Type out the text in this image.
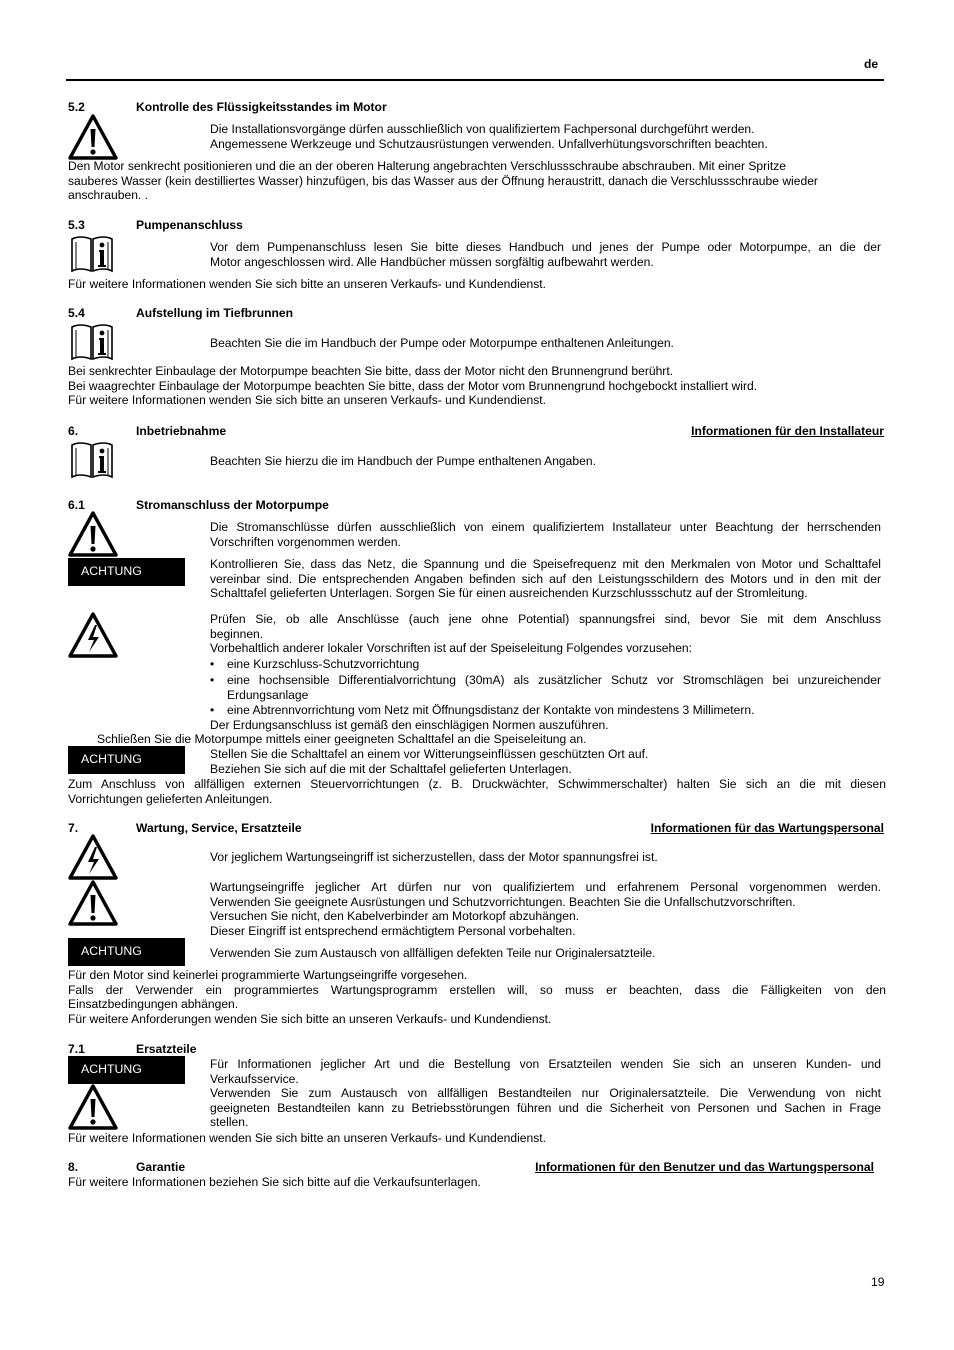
de
5.2	Kontrolle des Flüssigkeitsstandes im Motor
Die Installationsvorgänge dürfen ausschließlich von qualifiziertem Fachpersonal durchgeführt werden.
Angemessene Werkzeuge und Schutzausrüstungen verwenden. Unfallverhütungsvorschriften beachten.
Den Motor senkrecht positionieren und die an der oberen Halterung angebrachten Verschlussschraube abschrauben. Mit einer Spritze
sauberes Wasser (kein destilliertes Wasser) hinzufügen, bis das Wasser aus der Öffnung heraustritt, danach die Verschlussschraube wieder
anschrauben. .
5.3	Pumpenanschluss
Vor dem Pumpenanschluss lesen Sie bitte dieses Handbuch und jenes der Pumpe oder Motorpumpe, an die der
Motor angeschlossen wird. Alle Handbücher müssen sorgfältig aufbewahrt werden.
Für weitere Informationen wenden Sie sich bitte an unseren Verkaufs- und Kundendienst.
5.4	Aufstellung im Tiefbrunnen
Beachten Sie die im Handbuch der Pumpe oder Motorpumpe enthaltenen Anleitungen.
Bei senkrechter Einbaulage der Motorpumpe beachten Sie bitte, dass der Motor nicht den Brunnengrund berührt.
Bei waagrechter Einbaulage der Motorpumpe beachten Sie bitte, dass der Motor vom Brunnengrund hochgebockt installiert wird.
Für weitere Informationen wenden Sie sich bitte an unseren Verkaufs- und Kundendienst.
6.	Inbetriebnahme	Informationen für den Installateur
Beachten Sie hierzu die im Handbuch der Pumpe enthaltenen Angaben.
6.1	Stromanschluss der Motorpumpe
Die Stromanschlüsse dürfen ausschließlich von einem qualifiziertem Installateur unter Beachtung der herrschenden
Vorschriften vorgenommen werden.
ACHTUNG	Kontrollieren Sie, dass das Netz, die Spannung und die Speisefrequenz mit den Merkmalen von Motor und Schalttafel
vereinbar sind. Die entsprechenden Angaben befinden sich auf den Leistungsschildern des Motors und in den mit der
Schalttafel gelieferten Unterlagen. Sorgen Sie für einen ausreichenden Kurzschlussschutz auf der Stromleitung.
Prüfen Sie, ob alle Anschlüsse (auch jene ohne Potential) spannungsfrei sind, bevor Sie mit dem Anschluss
beginnen.
Vorbehaltlich anderer lokaler Vorschriften ist auf der Speiseleitung Folgendes vorzusehen:
• eine Kurzschluss-Schutzvorrichtung
• eine hochsensible Differentialvorrichtung (30mA) als zusätzlicher Schutz vor Stromschlägen bei unzureichender
Erdungsanlage
• eine Abtrennvorrichtung vom Netz mit Öffnungsdistanz der Kontakte von mindestens 3 Millimetern.
Der Erdungsanschluss ist gemäß den einschlägigen Normen auszuführen.
Schließen Sie die Motorpumpe mittels einer geeigneten Schalttafel an die Speiseleitung an.
ACHTUNG	Stellen Sie die Schalttafel an einem vor Witterungseinflüssen geschützten Ort auf.
Beziehen Sie sich auf die mit der Schalttafel gelieferten Unterlagen.
Zum Anschluss von allfälligen externen Steuervorrichtungen (z. B. Druckwächter, Schwimmerschalter) halten Sie sich an die mit diesen
Vorrichtungen gelieferten Anleitungen.
7.	Wartung, Service, Ersatzteile	Informationen für das Wartungspersonal
Vor jeglichem Wartungseingriff ist sicherzustellen, dass der Motor spannungsfrei ist.
Wartungseingriffe jeglicher Art dürfen nur von qualifiziertem und erfahrenem Personal vorgenommen werden.
Verwenden Sie geeignete Ausrüstungen und Schutzvorrichtungen. Beachten Sie die Unfallschutzvorschriften.
Versuchen Sie nicht, den Kabelverbinder am Motorkopf abzuhängen.
Dieser Eingriff ist entsprechend ermächtigtem Personal vorbehalten.
ACHTUNG	Verwenden Sie zum Austausch von allfälligen defekten Teile nur Originalersatzteile.
Für den Motor sind keinerlei programmierte Wartungseingriffe vorgesehen.
Falls der Verwender ein programmiertes Wartungsprogramm erstellen will, so muss er beachten, dass die Fälligkeiten von den
Einsatzbedingungen abhängen.
Für weitere Anforderungen wenden Sie sich bitte an unseren Verkaufs- und Kundendienst.
7.1	Ersatzteile
ACHTUNG	Für Informationen jeglicher Art und die Bestellung von Ersatzteilen wenden Sie sich an unseren Kunden- und
Verkaufsservice.
Verwenden Sie zum Austausch von allfälligen Bestandteilen nur Originalersatzteile. Die Verwendung von nicht
geeigneten Bestandteilen kann zu Betriebsstörungen führen und die Sicherheit von Personen und Sachen in Frage
stellen.
Für weitere Informationen wenden Sie sich bitte an unseren Verkaufs- und Kundendienst.
8.	Garantie	Informationen für den Benutzer und das Wartungspersonal
Für weitere Informationen beziehen Sie sich bitte auf die Verkaufsunterlagen.
19
